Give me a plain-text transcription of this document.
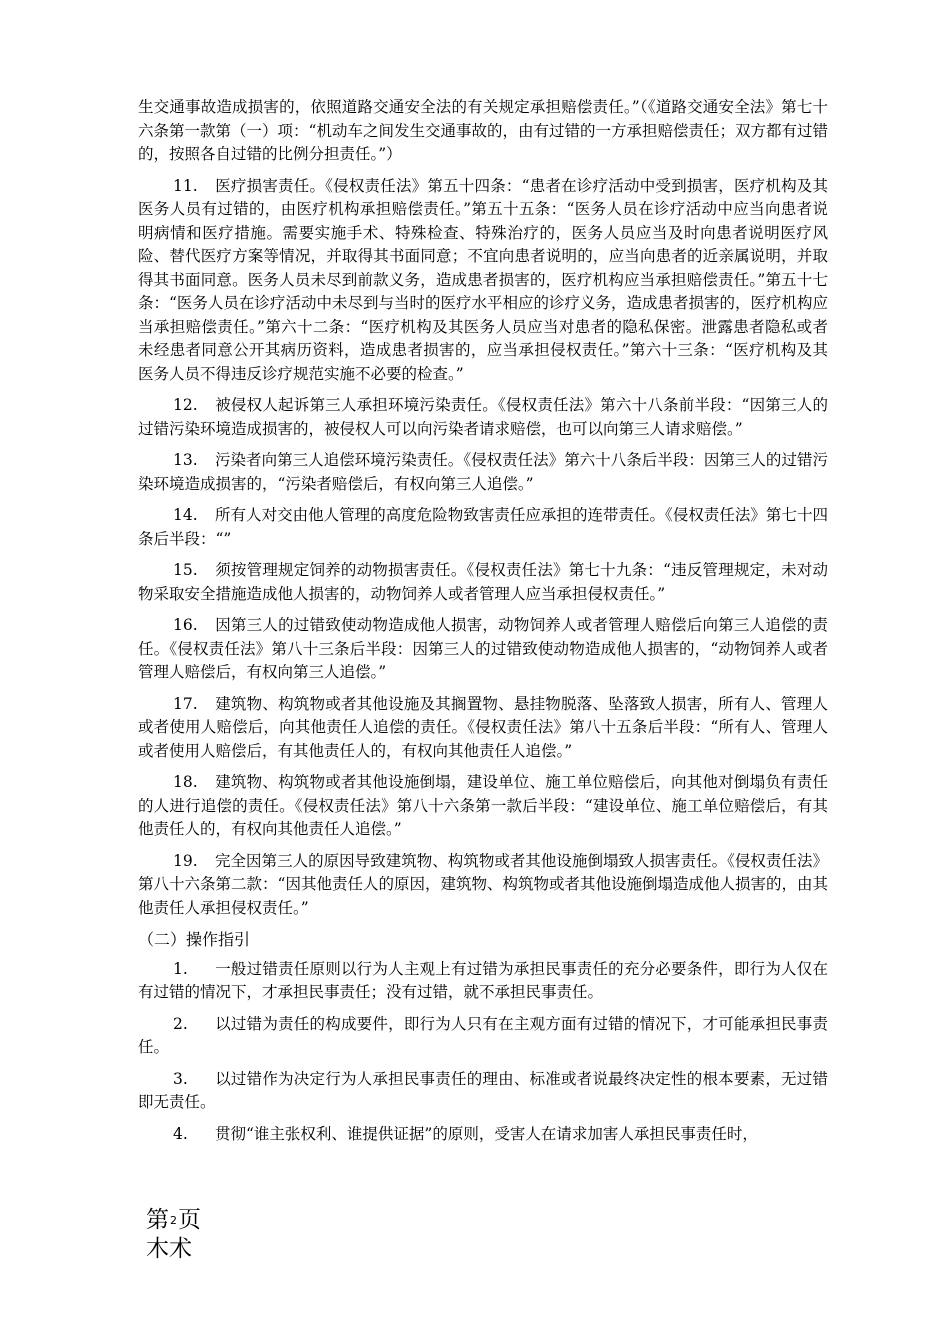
生交通事故造成损害的，依照道路交通安全法的有关规定承担赔偿责任。”（《道路交通安全法》第七十六条第一款第（一）项：“机动车之间发生交通事故的，由有过错的一方承担赔偿责任；双方都有过错的，按照各自过错的比例分担责任。”）

11. 医疗损害责任。《侵权责任法》第五十四条：“患者在诊疗活动中受到损害，医疗机构及其医务人员有过错的，由医疗机构承担赔偿责任。”第五十五条：“医务人员在诊疗活动中应当向患者说明病情和医疗措施。需要实施手术、特殊检查、特殊治疗的，医务人员应当及时向患者说明医疗风险、替代医疗方案等情况，并取得其书面同意；不宜向患者说明的，应当向患者的近亲属说明，并取得其书面同意。医务人员未尽到前款义务，造成患者损害的，医疗机构应当承担赔偿责任。”第五十七条：“医务人员在诊疗活动中未尽到与当时的医疗水平相应的诊疗义务，造成患者损害的，医疗机构应当承担赔偿责任。”第六十二条：“医疗机构及其医务人员应当对患者的隐私保密。泄露患者隐私或者未经患者同意公开其病历资料，造成患者损害的，应当承担侵权责任。”第六十三条：“医疗机构及其医务人员不得违反诊疗规范实施不必要的检查。”

12. 被侵权人起诉第三人承担环境污染责任。《侵权责任法》第六十八条前半段：“因第三人的过错污染环境造成损害的，被侵权人可以向污染者请求赔偿，也可以向第三人请求赔偿。”

13. 污染者向第三人追偿环境污染责任。《侵权责任法》第六十八条后半段：因第三人的过错污染环境造成损害的，“污染者赔偿后，有权向第三人追偿。”

14. 所有人对交由他人管理的高度危险物致害责任应承担的连带责任。《侵权责任法》第七十四条后半段：“”

15. 须按管理规定饲养的动物损害责任。《侵权责任法》第七十九条：“违反管理规定，未对动物采取安全措施造成他人损害的，动物饲养人或者管理人应当承担侵权责任。”

16. 因第三人的过错致使动物造成他人损害，动物饲养人或者管理人赔偿后向第三人追偿的责任。《侵权责任法》第八十三条后半段：因第三人的过错致使动物造成他人损害的，“动物饲养人或者管理人赔偿后，有权向第三人追偿。”

17. 建筑物、构筑物或者其他设施及其搁置物、悬挂物脱落、坠落致人损害，所有人、管理人或者使用人赔偿后，向其他责任人追偿的责任。《侵权责任法》第八十五条后半段：“所有人、管理人或者使用人赔偿后，有其他责任人的，有权向其他责任人追偿。”

18. 建筑物、构筑物或者其他设施倒塌，建设单位、施工单位赔偿后，向其他对倒塌负有责任的人进行追偿的责任。《侵权责任法》第八十六条第一款后半段：“建设单位、施工单位赔偿后，有其他责任人的，有权向其他责任人追偿。”

19. 完全因第三人的原因导致建筑物、构筑物或者其他设施倒塌致人损害责任。《侵权责任法》第八十六条第二款：“因其他责任人的原因，建筑物、构筑物或者其他设施倒塌造成他人损害的，由其他责任人承担侵权责任。”

（二）操作指引

1. 一般过错责任原则以行为人主观上有过错为承担民事责任的充分必要条件，即行为人仅在有过错的情况下，才承担民事责任；没有过错，就不承担民事责任。

2. 以过错为责任的构成要件，即行为人只有在主观方面有过错的情况下，才可能承担民事责任。

3. 以过错作为决定行为人承担民事责任的理由、标准或者说最终决定性的根本要素，无过错即无责任。

4. 贯彻“谁主张权利、谁提供证据”的原则，受害人在请求加害人承担民事责任时，

第2页
木术
